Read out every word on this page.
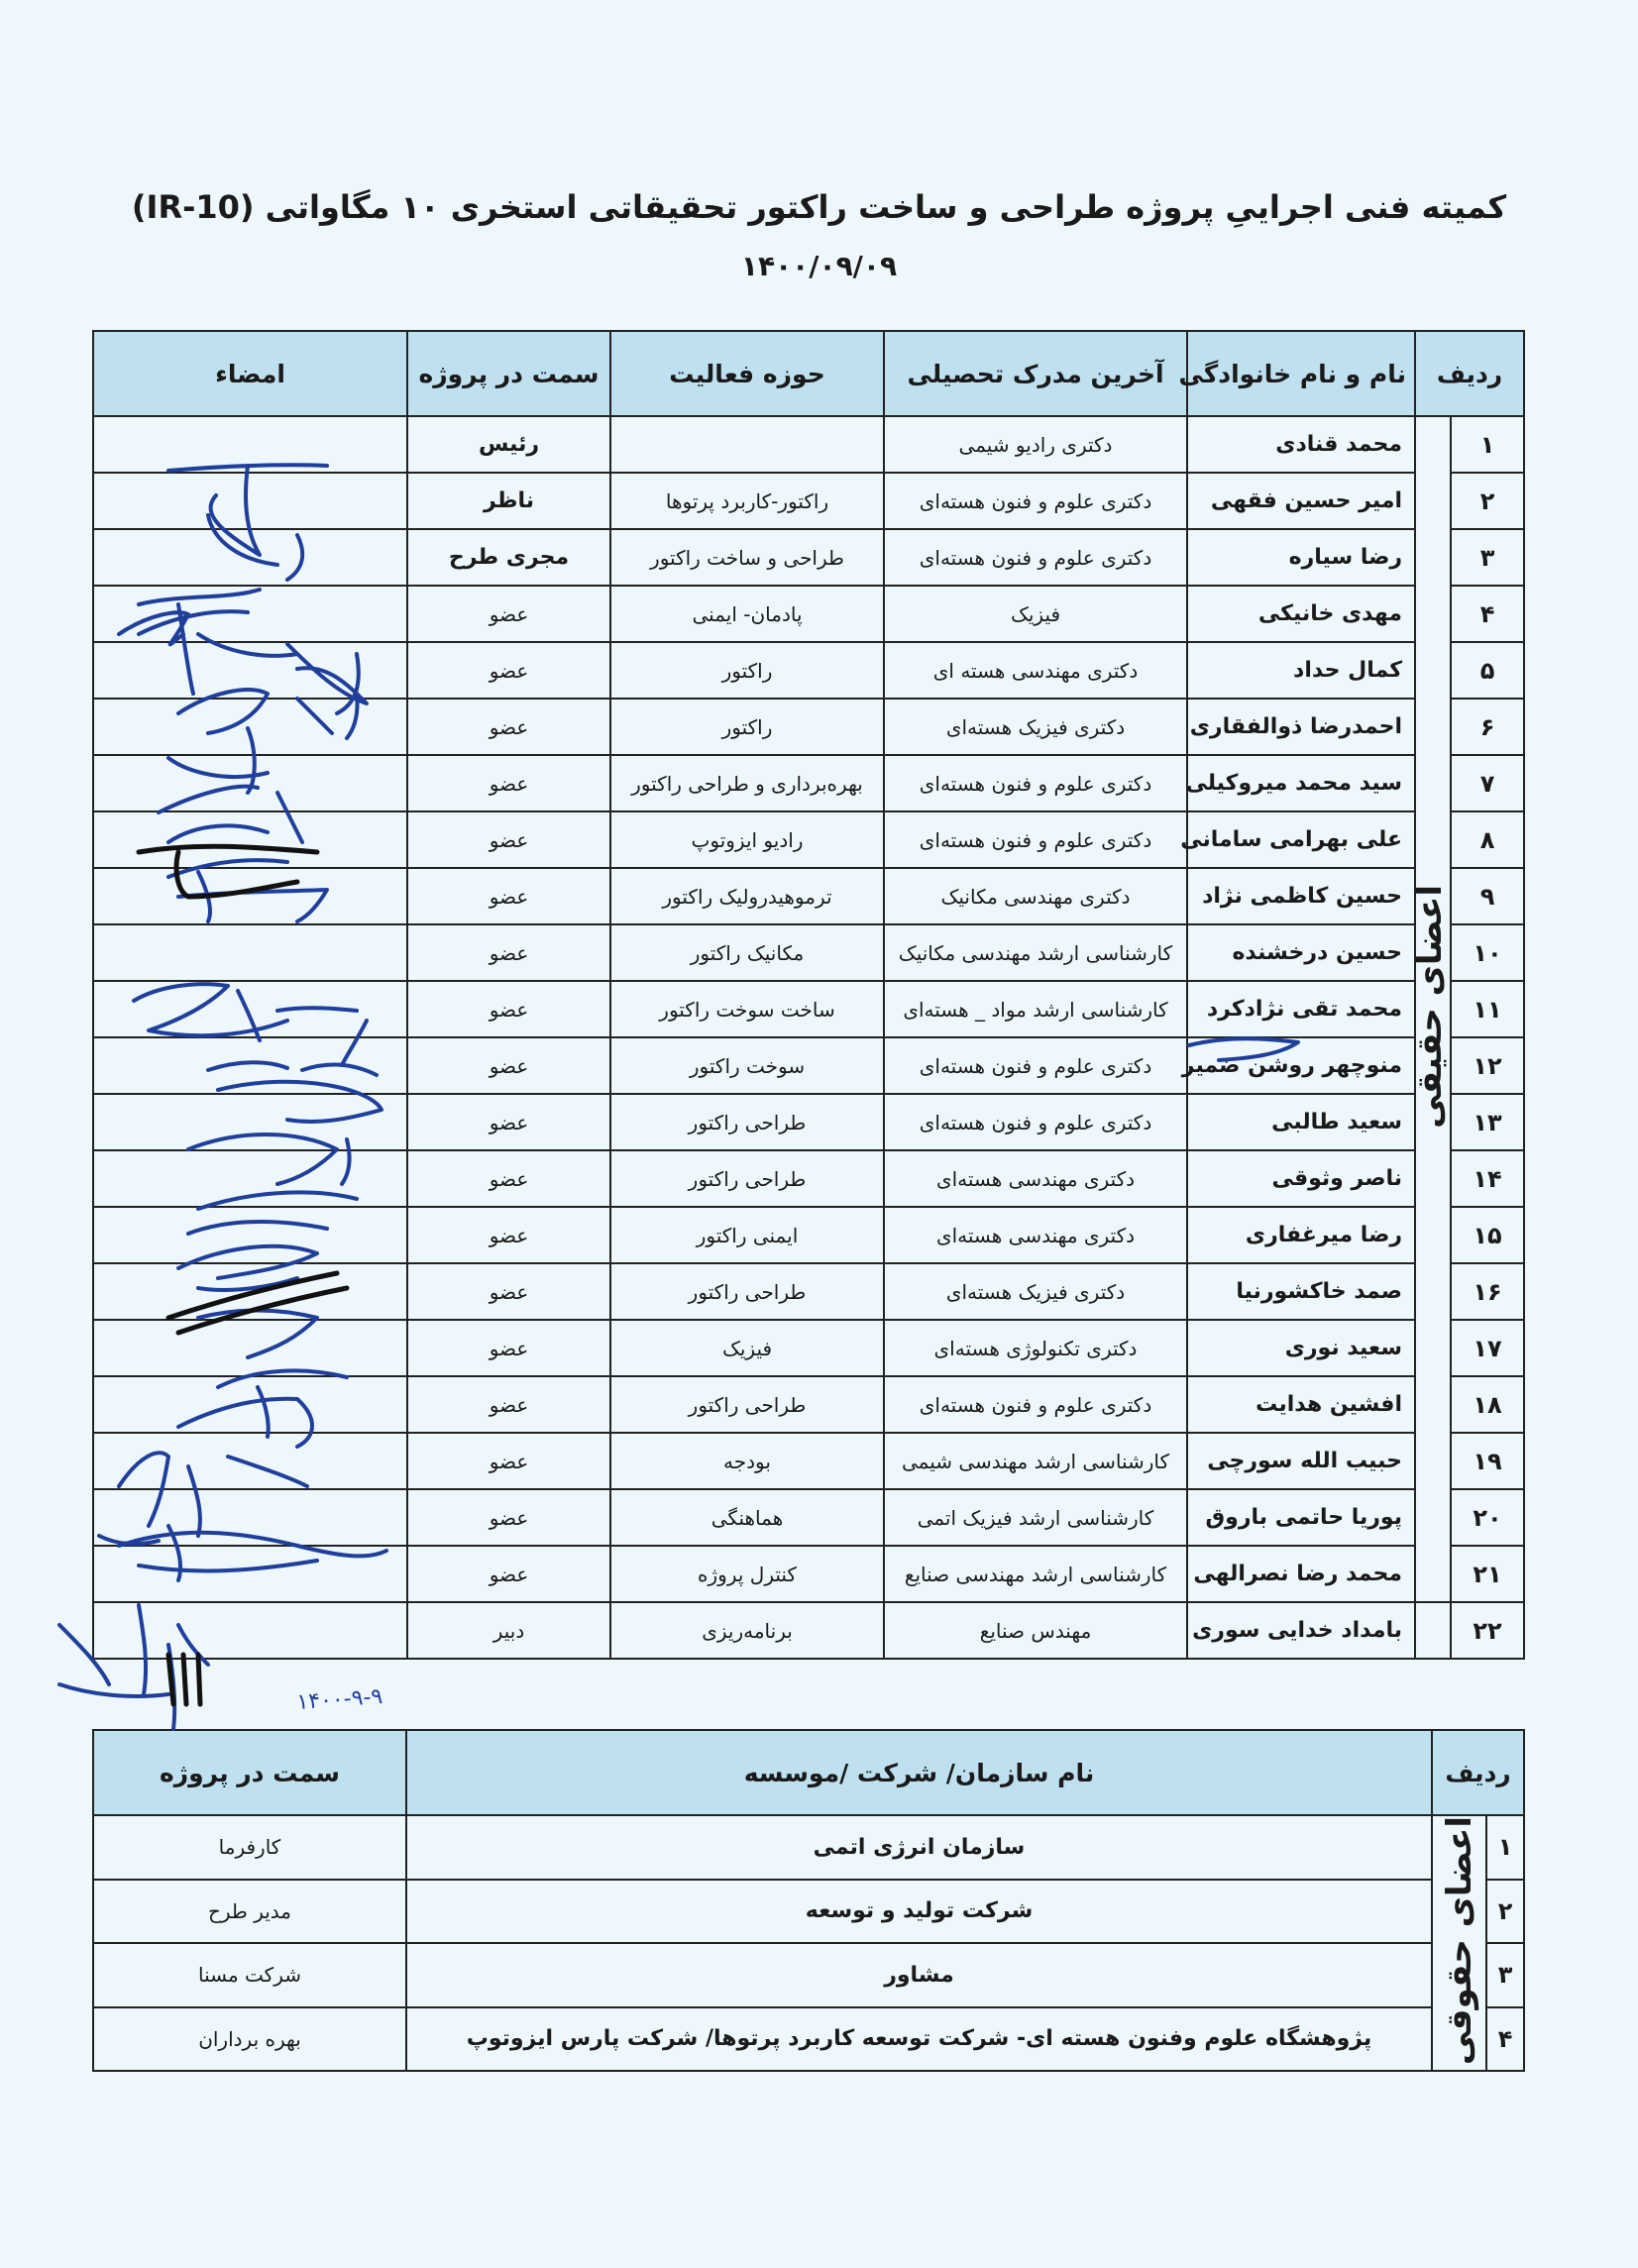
کمیته فنی اجراییِ پروژه طراحی و ساخت راکتور تحقیقاتی استخری ۱۰ مگاواتی (IR-10)
۱۴۰۰/۰۹/۰۹
ردیف		نام و نام خانوادگی	آخرین مدرک تحصیلی	حوزه فعالیت	سمت در پروژه	امضاء
۱	اعضای حقیقی	محمد قنادی	دکتری رادیو شیمی		رئیس	
۲		امیر حسین فقهی	دکتری علوم و فنون هسته‌ای	راکتور-کاربرد پرتوها	ناظر	
۳		رضا سیاره	دکتری علوم و فنون هسته‌ای	طراحی و ساخت راکتور	مجری طرح	
۴		مهدی خانیکی	فیزیک	پادمان- ایمنی	عضو	
۵		کمال حداد	دکتری مهندسی هسته ای	راکتور	عضو	
۶		احمدرضا ذوالفقاری	دکتری فیزیک هسته‌ای	راکتور	عضو	
۷		سید محمد میروکیلی	دکتری علوم و فنون هسته‌ای	بهره‌برداری و طراحی راکتور	عضو	
۸		علی بهرامی سامانی	دکتری علوم و فنون هسته‌ای	رادیو ایزوتوپ	عضو	
۹		حسین کاظمی نژاد	دکتری مهندسی مکانیک	ترموهیدرولیک راکتور	عضو	
۱۰		حسین درخشنده	کارشناسی ارشد مهندسی مکانیک	مکانیک راکتور	عضو	
۱۱		محمد تقی نژادکرد	کارشناسی ارشد مواد _ هسته‌ای	ساخت سوخت راکتور	عضو	
۱۲		منوچهر روشن ضمیر	دکتری علوم و فنون هسته‌ای	سوخت راکتور	عضو	
۱۳		سعید طالبی	دکتری علوم و فنون هسته‌ای	طراحی راکتور	عضو	
۱۴		ناصر وثوقی	دکتری مهندسی هسته‌ای	طراحی راکتور	عضو	
۱۵		رضا میرغفاری	دکتری مهندسی هسته‌ای	ایمنی راکتور	عضو	
۱۶		صمد خاکشورنیا	دکتری فیزیک هسته‌ای	طراحی راکتور	عضو	
۱۷		سعید نوری	دکتری تکنولوژی هسته‌ای	فیزیک	عضو	
۱۸		افشین هدایت	دکتری علوم و فنون هسته‌ای	طراحی راکتور	عضو	
۱۹		حبیب الله سورچی	کارشناسی ارشد مهندسی شیمی	بودجه	عضو	
۲۰		پوریا حاتمی باروق	کارشناسی ارشد فیزیک اتمی	هماهنگی	عضو	
۲۱		محمد رضا نصرالهی	کارشناسی ارشد مهندسی صنایع	کنترل پروژه	عضو	
۲۲		بامداد خدایی سوری	مهندس صنایع	برنامه‌ریزی	دبیر	
ردیف		نام سازمان/ شرکت /موسسه	سمت در پروژه
۱	اعضای حقوقی	سازمان انرژی اتمی	کارفرما
۲		شرکت تولید و توسعه	مدیر طرح
۳		مشاور	شرکت مسنا
۴		پژوهشگاه علوم وفنون هسته ای- شرکت توسعه کاربرد پرتوها/ شرکت پارس ایزوتوپ	بهره برداران
۱۴۰۰-۹-۹
